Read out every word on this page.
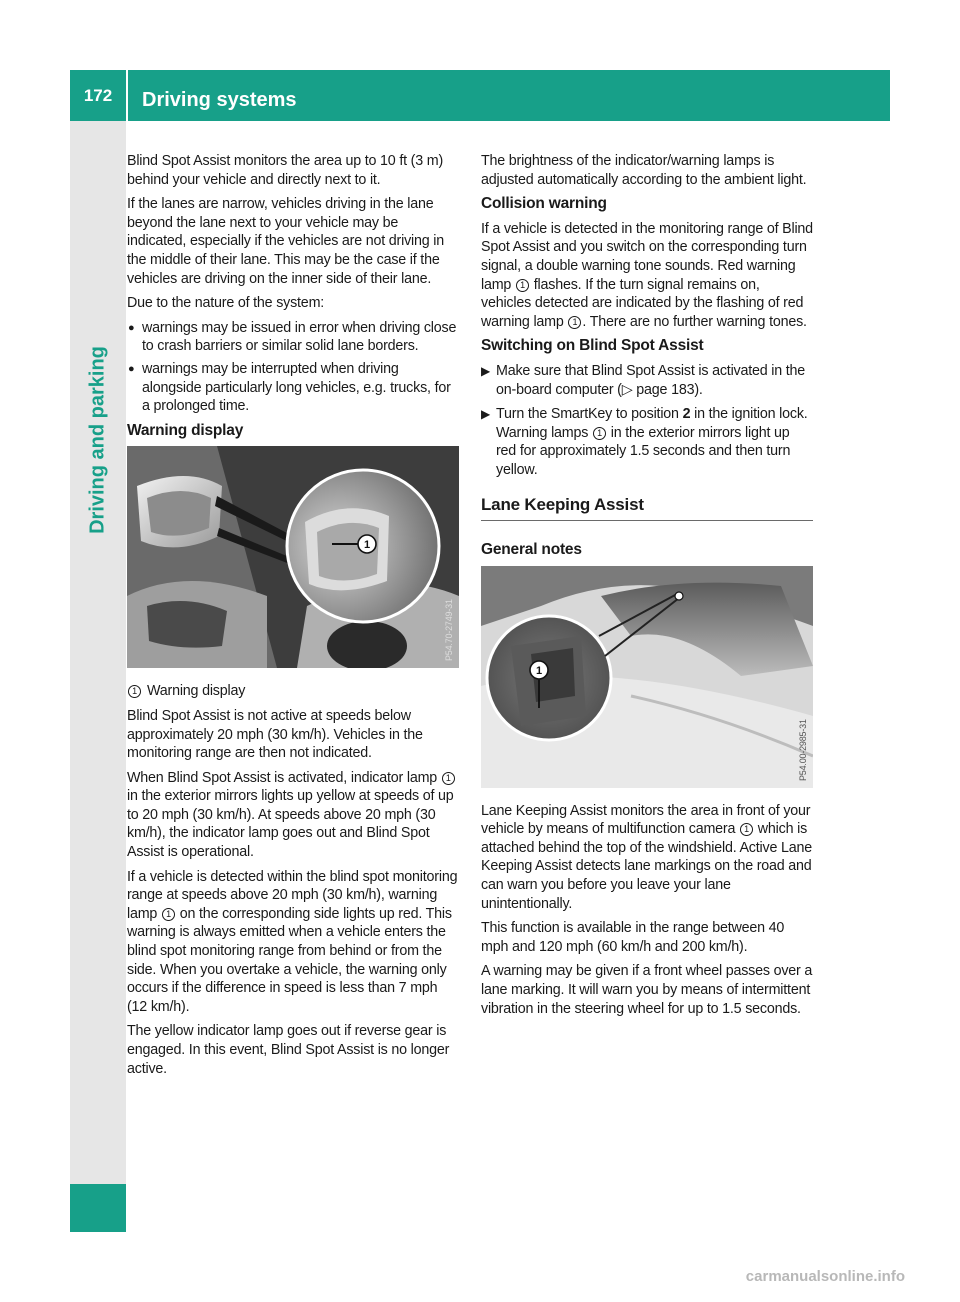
172	Driving systems
Driving and parking

Blind Spot Assist monitors the area up to 10 ft (3 m) behind your vehicle and directly next to it.

If the lanes are narrow, vehicles driving in the lane beyond the lane next to your vehicle may be indicated, especially if the vehicles are not driving in the middle of their lane. This may be the case if the vehicles are driving on the inner side of their lane.

Due to the nature of the system:

● warnings may be issued in error when driving close to crash barriers or similar solid lane borders.
● warnings may be interrupted when driving alongside particularly long vehicles, e.g. trucks, for a prolonged time.
Warning display
1
P54.70-2749-31

1 Warning display

Blind Spot Assist is not active at speeds below approximately 20 mph (30 km/h). Vehicles in the monitoring range are then not indicated.

When Blind Spot Assist is activated, indicator lamp 1 in the exterior mirrors lights up yellow at speeds of up to 20 mph (30 km/h). At speeds above 20 mph (30 km/h), the indicator lamp goes out and Blind Spot Assist is operational.

If a vehicle is detected within the blind spot monitoring range at speeds above 20 mph (30 km/h), warning lamp 1 on the corresponding side lights up red. This warning is always emitted when a vehicle enters the blind spot monitoring range from behind or from the side. When you overtake a vehicle, the warning only occurs if the difference in speed is less than 7 mph (12 km/h).

The yellow indicator lamp goes out if reverse gear is engaged. In this event, Blind Spot Assist is no longer active.

The brightness of the indicator/warning lamps is adjusted automatically according to the ambient light.

Collision warning

If a vehicle is detected in the monitoring range of Blind Spot Assist and you switch on the corresponding turn signal, a double warning tone sounds. Red warning lamp 1 flashes. If the turn signal remains on, vehicles detected are indicated by the flashing of red warning lamp 1 . There are no further warning tones.

Switching on Blind Spot Assist
▶ Make sure that Blind Spot Assist is activated in the on-board computer (▷ page 183).
▶ Turn the SmartKey to position 2 in the ignition lock.
Warning lamps 1 in the exterior mirrors light up red for approximately 1.5 seconds and then turn yellow.
Lane Keeping Assist
General notes
1
P54.00-2985-31

Lane Keeping Assist monitors the area in front of your vehicle by means of multifunction camera 1 which is attached behind the top of the windshield. Active Lane Keeping Assist detects lane markings on the road and can warn you before you leave your lane unintentionally.

This function is available in the range between 40 mph and 120 mph (60 km/h and 200 km/h).

A warning may be given if a front wheel passes over a lane marking. It will warn you by means of intermittent vibration in the steering wheel for up to 1.5 seconds.

carmanualsonline.info
